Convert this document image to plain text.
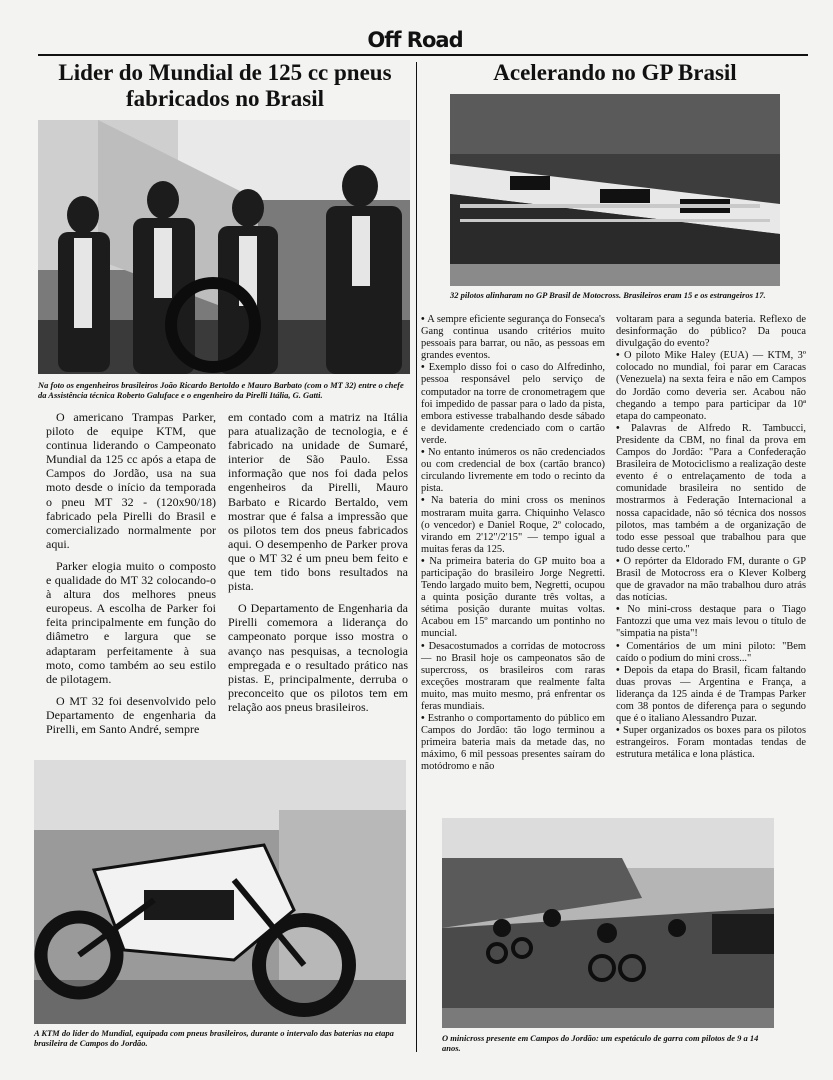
Off Road
Lider do Mundial de 125 cc pneus fabricados no Brasil
Na foto os engenheiros brasileiros João Ricardo Bertoldo e Mauro Barbato (com o MT 32) entre o chefe da Assistência técnica Roberto Galuface e o engenheiro da Pirelli Itália, G. Gatti.

O americano Trampas Parker, piloto de equipe KTM, que continua liderando o Campeonato Mundial da 125 cc após a etapa de Campos do Jordão, usa na sua moto desde o início da temporada o pneu MT 32 - (120x90/18) fabricado pela Pirelli do Brasil e comercializado normalmente por aqui.

Parker elogia muito o composto e qualidade do MT 32 colocando-o à altura dos melhores pneus europeus. A escolha de Parker foi feita principalmente em função do diâmetro e largura que se adaptaram perfeitamente à sua moto, como também ao seu estilo de pilotagem.

O MT 32 foi desenvolvido pelo Departamento de engenharia da Pirelli, em Santo André, sempre

em contado com a matriz na Itália para atualização de tecnologia, e é fabricado na unidade de Sumaré, interior de São Paulo. Essa informação que nos foi dada pelos engenheiros da Pirelli, Mauro Barbato e Ricardo Bertaldo, vem mostrar que é falsa a impressão que os pilotos tem dos pneus fabricados aqui. O desempenho de Parker prova que o MT 32 é um pneu bem feito e que tem tido bons resultados na pista.

O Departamento de Engenharia da Pirelli comemora a liderança do campeonato porque isso mostra o avanço nas pesquisas, a tecnologia empregada e o resultado prático nas pistas. E, principalmente, derruba o preconceito que os pilotos tem em relação aos pneus brasileiros.

A KTM do líder do Mundial, equipada com pneus brasileiros, durante o intervalo das baterias na etapa brasileira de Campos do Jordão.
Acelerando no GP Brasil
32 pilotos alinharam no GP Brasil de Motocross. Brasileiros eram 15 e os estrangeiros 17.

• A sempre eficiente segurança do Fonseca's Gang continua usando critérios muito pessoais para barrar, ou não, as pessoas em grandes eventos.

• Exemplo disso foi o caso do Alfredinho, pessoa responsável pelo serviço de computador na torre de cronometragem que foi impedido de passar para o lado da pista, embora estivesse trabalhando desde sábado e devidamente credenciado com o cartão verde.

• No entanto inúmeros os não credenciados ou com credencial de box (cartão branco) circulando livremente em todo o recinto da pista.

• Na bateria do mini cross os meninos mostraram muita garra. Chiquinho Velasco (o vencedor) e Daniel Roque, 2º colocado, virando em 2'12"/2'15" — tempo igual a muitas feras da 125.

• Na primeira bateria do GP muito boa a participação do brasileiro Jorge Negretti. Tendo largado muito bem, Negretti, ocupou a quinta posição durante três voltas, a sétima posição durante muitas voltas. Acabou em 15º marcando um pontinho no muncial.

• Desacostumados a corridas de motocross — no Brasil hoje os campeonatos são de supercross, os brasileiros com raras exceções mostraram que realmente falta muito, mas muito mesmo, prá enfrentar os feras mundiais.

• Estranho o comportamento do público em Campos do Jordão: tão logo terminou a primeira bateria mais da metade das, no máximo, 6 mil pessoas presentes saíram do motódromo e não

voltaram para a segunda bateria. Reflexo de desinformação do público? Da pouca divulgação do evento?

• O piloto Mike Haley (EUA) — KTM, 3º colocado no mundial, foi parar em Caracas (Venezuela) na sexta feira e não em Campos do Jordão como deveria ser. Acabou não chegando a tempo para participar da 10ª etapa do campeonato.

• Palavras de Alfredo R. Tambucci, Presidente da CBM, no final da prova em Campos do Jordão: "Para a Confederação Brasileira de Motociclismo a realização deste evento é o entrelaçamento de toda a comunidade brasileira no sentido de mostrarmos à Federação Internacional a nossa capacidade, não só técnica dos nossos pilotos, mas também a de organização de todo esse pessoal que trabalhou para que tudo desse certo."

• O repórter da Eldorado FM, durante o GP Brasil de Motocross era o Klever Kolberg que de gravador na mão trabalhou duro atrás das notícias.

• No mini-cross destaque para o Tiago Fantozzi que uma vez mais levou o título de "simpatia na pista"!

• Comentários de um mini piloto: "Bem caído o podium do mini cross..."

• Depois da etapa do Brasil, ficam faltando duas provas — Argentina e França, a liderança da 125 ainda é de Trampas Parker com 38 pontos de diferença para o segundo que é o italiano Alessandro Puzar.

• Super organizados os boxes para os pilotos estrangeiros. Foram montadas tendas de estrutura metálica e lona plástica.

O minicross presente em Campos do Jordão: um espetáculo de garra com pilotos de 9 a 14 anos.
